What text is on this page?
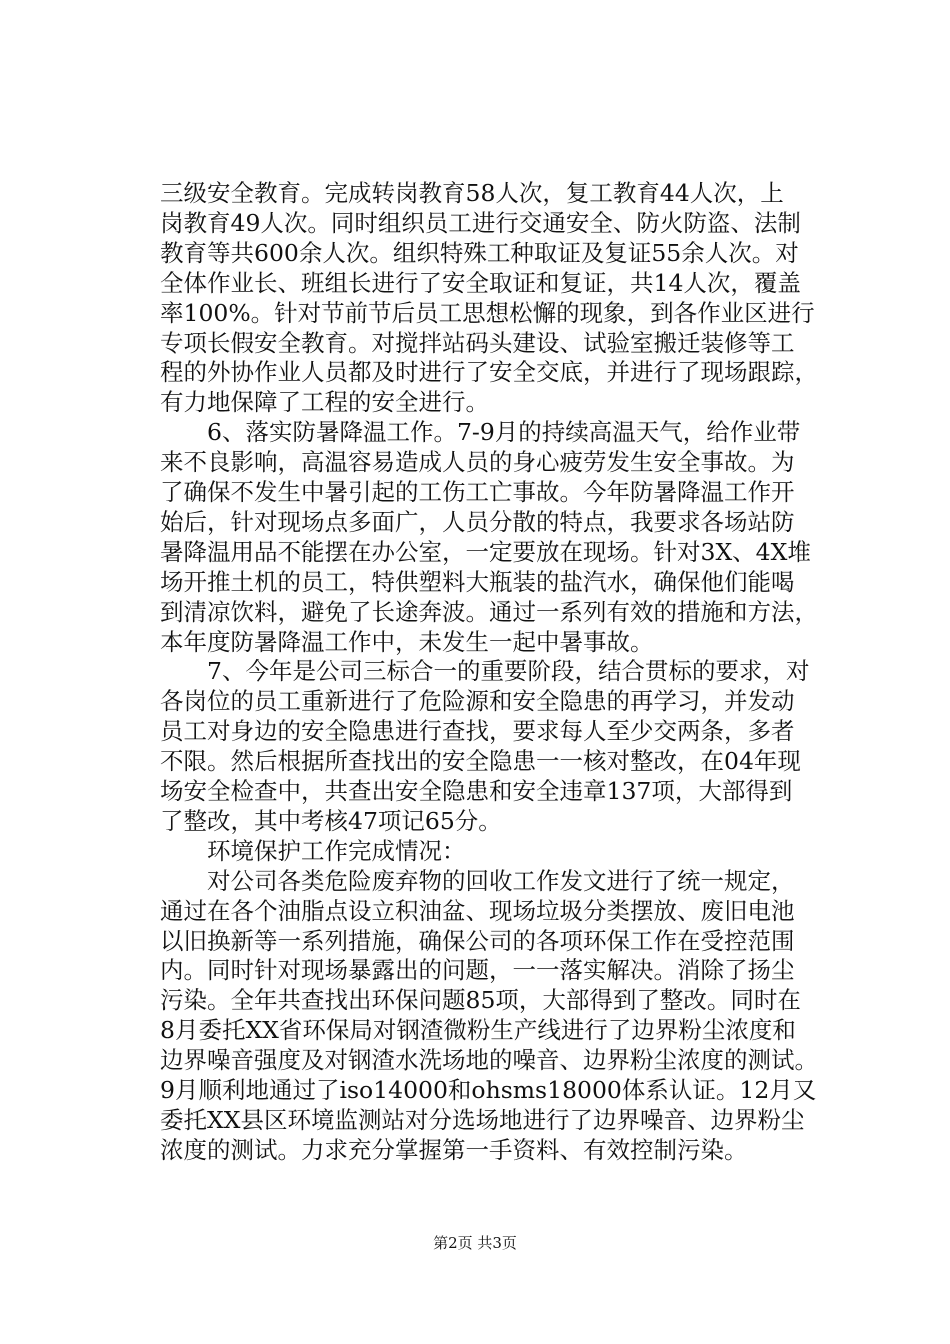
三级安全教育。完成转岗教育58人次，复工教育44人次，上
岗教育49人次。同时组织员工进行交通安全、防火防盗、法制
教育等共600余人次。组织特殊工种取证及复证55余人次。对
全体作业长、班组长进行了安全取证和复证，共14人次，覆盖
率100%。针对节前节后员工思想松懈的现象，到各作业区进行
专项长假安全教育。对搅拌站码头建设、试验室搬迁装修等工
程的外协作业人员都及时进行了安全交底，并进行了现场跟踪，
有力地保障了工程的安全进行。
　　6、落实防暑降温工作。7-9月的持续高温天气，给作业带
来不良影响，高温容易造成人员的身心疲劳发生安全事故。为
了确保不发生中暑引起的工伤工亡事故。今年防暑降温工作开
始后，针对现场点多面广，人员分散的特点，我要求各场站防
暑降温用品不能摆在办公室，一定要放在现场。针对3X、4X堆
场开推土机的员工，特供塑料大瓶装的盐汽水，确保他们能喝
到清凉饮料，避免了长途奔波。通过一系列有效的措施和方法，
本年度防暑降温工作中，未发生一起中暑事故。
　　7、今年是公司三标合一的重要阶段，结合贯标的要求，对
各岗位的员工重新进行了危险源和安全隐患的再学习，并发动
员工对身边的安全隐患进行查找，要求每人至少交两条，多者
不限。然后根据所查找出的安全隐患一一核对整改，在04年现
场安全检查中，共查出安全隐患和安全违章137项，大部得到
了整改，其中考核47项记65分。
　　环境保护工作完成情况：
　　对公司各类危险废弃物的回收工作发文进行了统一规定，
通过在各个油脂点设立积油盆、现场垃圾分类摆放、废旧电池
以旧换新等一系列措施，确保公司的各项环保工作在受控范围
内。同时针对现场暴露出的问题，一一落实解决。消除了扬尘
污染。全年共查找出环保问题85项，大部得到了整改。同时在
8月委托XX省环保局对钢渣微粉生产线进行了边界粉尘浓度和
边界噪音强度及对钢渣水洗场地的噪音、边界粉尘浓度的测试。
9月顺利地通过了iso14000和ohsms18000体系认证。12月又
委托XX县区环境监测站对分选场地进行了边界噪音、边界粉尘
浓度的测试。力求充分掌握第一手资料、有效控制污染。
第2页 共3页
